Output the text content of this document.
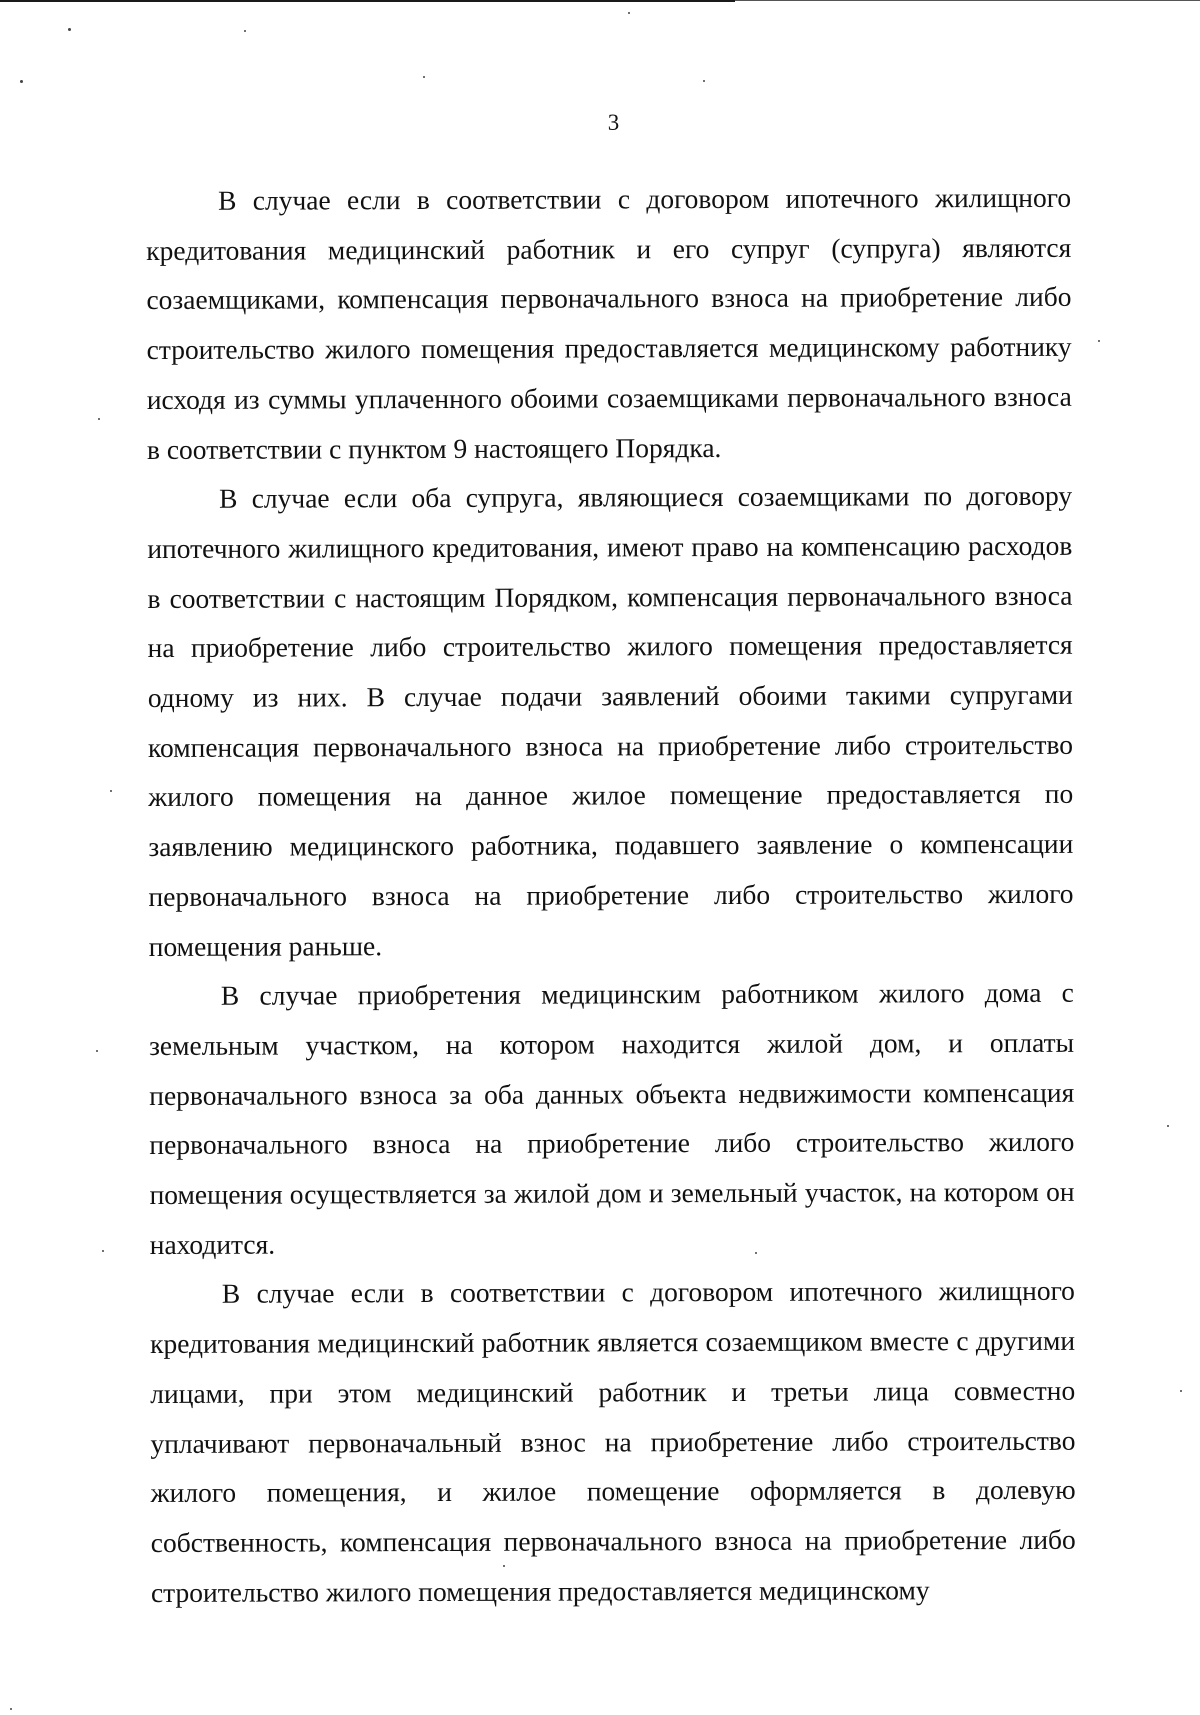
3

В случае если в соответствии с договором ипотечного жилищного кредитования медицинский работник и его супруг (супруга) являются созаемщиками, компенсация первоначального взноса на приобретение либо строительство жилого помещения предоставляется медицинскому работнику исходя из суммы уплаченного обоими созаемщиками первоначального взноса в соответствии с пунктом 9 настоящего Порядка.

В случае если оба супруга, являющиеся созаемщиками по договору ипотечного жилищного кредитования, имеют право на компенсацию расходов в соответствии с настоящим Порядком, компенсация первоначального взноса на приобретение либо строительство жилого помещения предоставляется одному из них. В случае подачи заявлений обоими такими супругами компенсация первоначального взноса на приобретение либо строительство жилого помещения на данное жилое помещение предоставляется по заявлению медицинского работника, подавшего заявление о компенсации первоначального взноса на приобретение либо строительство жилого помещения раньше.

В случае приобретения медицинским работником жилого дома с земельным участком, на котором находится жилой дом, и оплаты первоначального взноса за оба данных объекта недвижимости компенсация первоначального взноса на приобретение либо строительство жилого помещения осуществляется за жилой дом и земельный участок, на котором он находится.

В случае если в соответствии с договором ипотечного жилищного кредитования медицинский работник является созаемщиком вместе с другими лицами, при этом медицинский работник и третьи лица совместно уплачивают первоначальный взнос на приобретение либо строительство жилого помещения, и жилое помещение оформляется в долевую собственность, компенсация первоначального взноса на приобретение либо строительство жилого помещения предоставляется медицинскому
